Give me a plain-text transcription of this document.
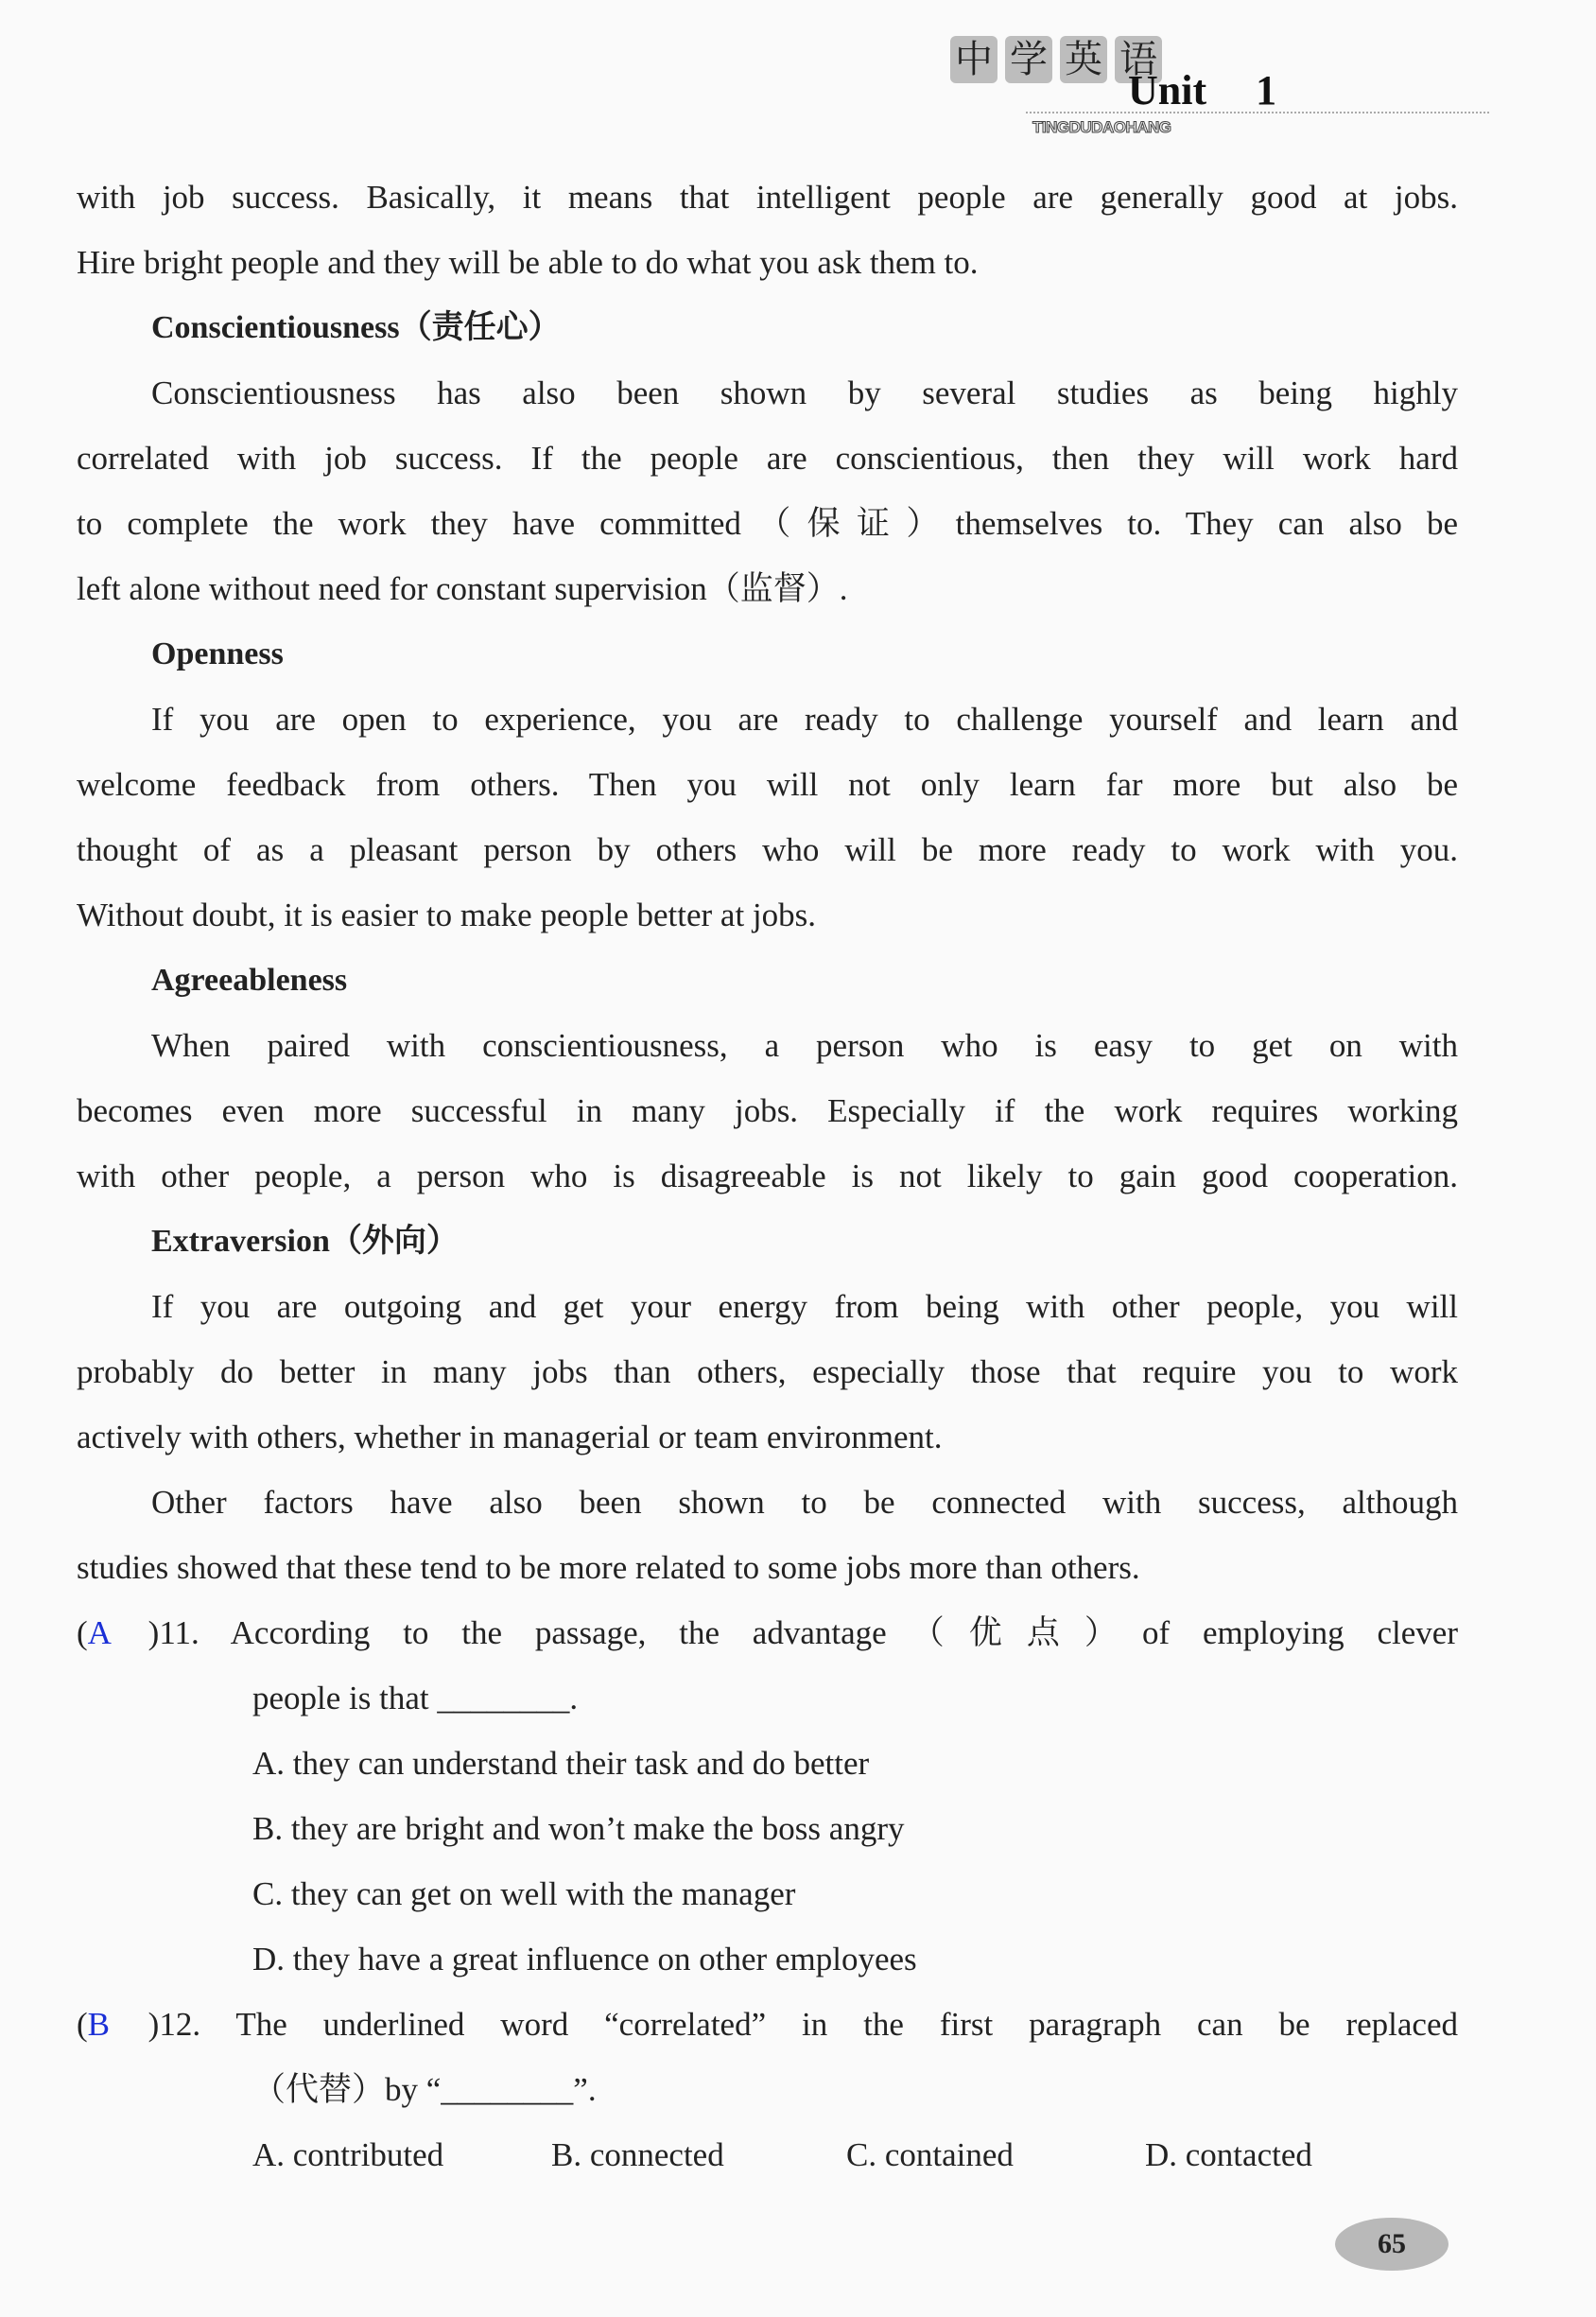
中 学 英 语
Unit 1
TINGDUDAOHANG
with job success. Basically, it means that intelligent people are generally good at jobs.
Hire bright people and they will be able to do what you ask them to.
Conscientiousness（责任心）
Conscientiousness has also been shown by several studies as being highly
correlated with job success. If the people are conscientious, then they will work hard
to complete the work they have committed（保证）themselves to. They can also be
left alone without need for constant supervision（监督）.
Openness
If you are open to experience, you are ready to challenge yourself and learn and
welcome feedback from others. Then you will not only learn far more but also be
thought of as a pleasant person by others who will be more ready to work with you.
Without doubt, it is easier to make people better at jobs.
Agreeableness
When paired with conscientiousness, a person who is easy to get on with
becomes even more successful in many jobs. Especially if the work requires working
with other people, a person who is disagreeable is not likely to gain good cooperation.
Extraversion（外向）
If you are outgoing and get your energy from being with other people, you will
probably do better in many jobs than others, especially those that require you to work
actively with others, whether in managerial or team environment.
Other factors have also been shown to be connected with success, although
studies showed that these tend to be more related to some jobs more than others.
(A )11. According to the passage, the advantage（优点）of employing clever
people is that ________.
A. they can understand their task and do better
B. they are bright and won’t make the boss angry
C. they can get on well with the manager
D. they have a great influence on other employees
(B )12. The underlined word “correlated” in the first paragraph can be replaced
（代替）by “________”.
A. contributed	B. connected	C. contained	D. contacted
65
